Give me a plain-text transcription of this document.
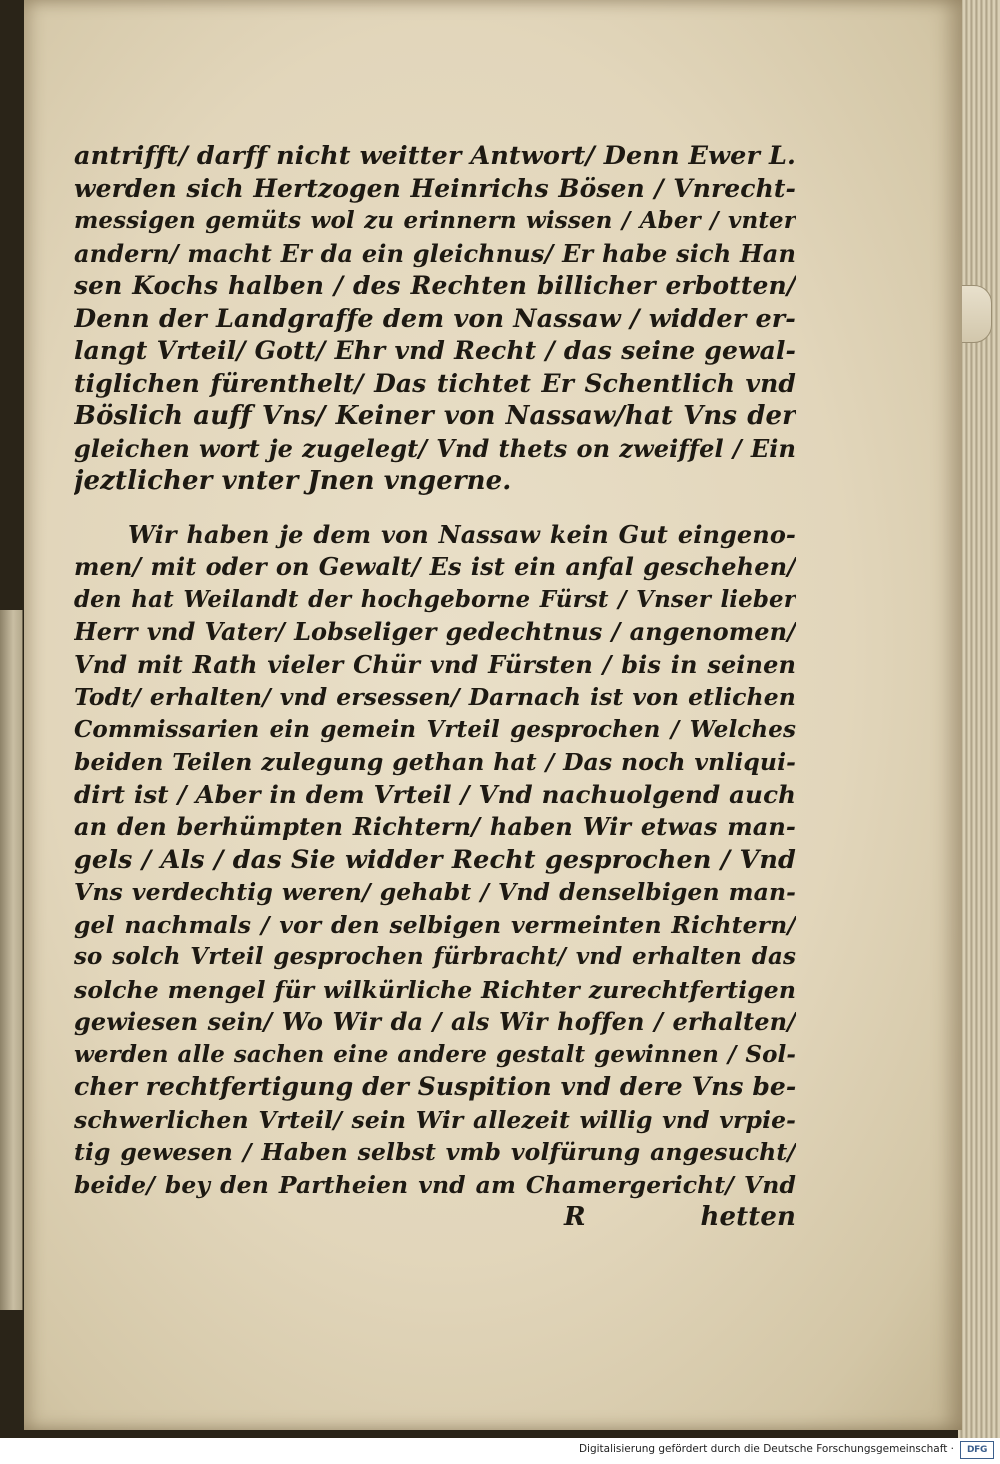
antrifft/ darff nicht weitter Antwort/ Denn Ewer L.
werden sich Hertzogen Heinrichs Bösen / Vnrecht-
messigen gemüts wol zu erinnern wissen / Aber / vnter
andern/ macht Er da ein gleichnus/ Er habe sich Han
sen Kochs halben / des Rechten billicher erbotten/
Denn der Landgraffe dem von Nassaw / widder er-
langt Vrteil/ Gott/ Ehr vnd Recht / das seine gewal-
tiglichen fürenthelt/ Das tichtet Er Schentlich vnd
Böslich auff Vns/ Keiner von Nassaw/hat Vns der
gleichen wort je zugelegt/ Vnd thets on zweiffel / Ein
jeztlicher vnter Jnen vngerne.
Wir haben je dem von Nassaw kein Gut eingeno-
men/ mit oder on Gewalt/ Es ist ein anfal geschehen/
den hat Weilandt der hochgeborne Fürst / Vnser lieber
Herr vnd Vater/ Lobseliger gedechtnus / angenomen/
Vnd mit Rath vieler Chür vnd Fürsten / bis in seinen
Todt/ erhalten/ vnd ersessen/ Darnach ist von etlichen
Commissarien ein gemein Vrteil gesprochen / Welches
beiden Teilen zulegung gethan hat / Das noch vnliqui-
dirt ist / Aber in dem Vrteil / Vnd nachuolgend auch
an den berhümpten Richtern/ haben Wir etwas man-
gels / Als / das Sie widder Recht gesprochen / Vnd
Vns verdechtig weren/ gehabt / Vnd denselbigen man-
gel nachmals / vor den selbigen vermeinten Richtern/
so solch Vrteil gesprochen fürbracht/ vnd erhalten das
solche mengel für wilkürliche Richter zurechtfertigen
gewiesen sein/ Wo Wir da / als Wir hoffen / erhalten/
werden alle sachen eine andere gestalt gewinnen / Sol-
cher rechtfertigung der Suspition vnd dere Vns be-
schwerlichen Vrteil/ sein Wir allezeit willig vnd vrpie-
tig gewesen / Haben selbst vmb volfürung angesucht/
beide/ bey den Partheien vnd am Chamergericht/ Vnd
R	hetten
Digitalisierung gefördert durch die Deutsche Forschungsgemeinschaft ·	DFG
